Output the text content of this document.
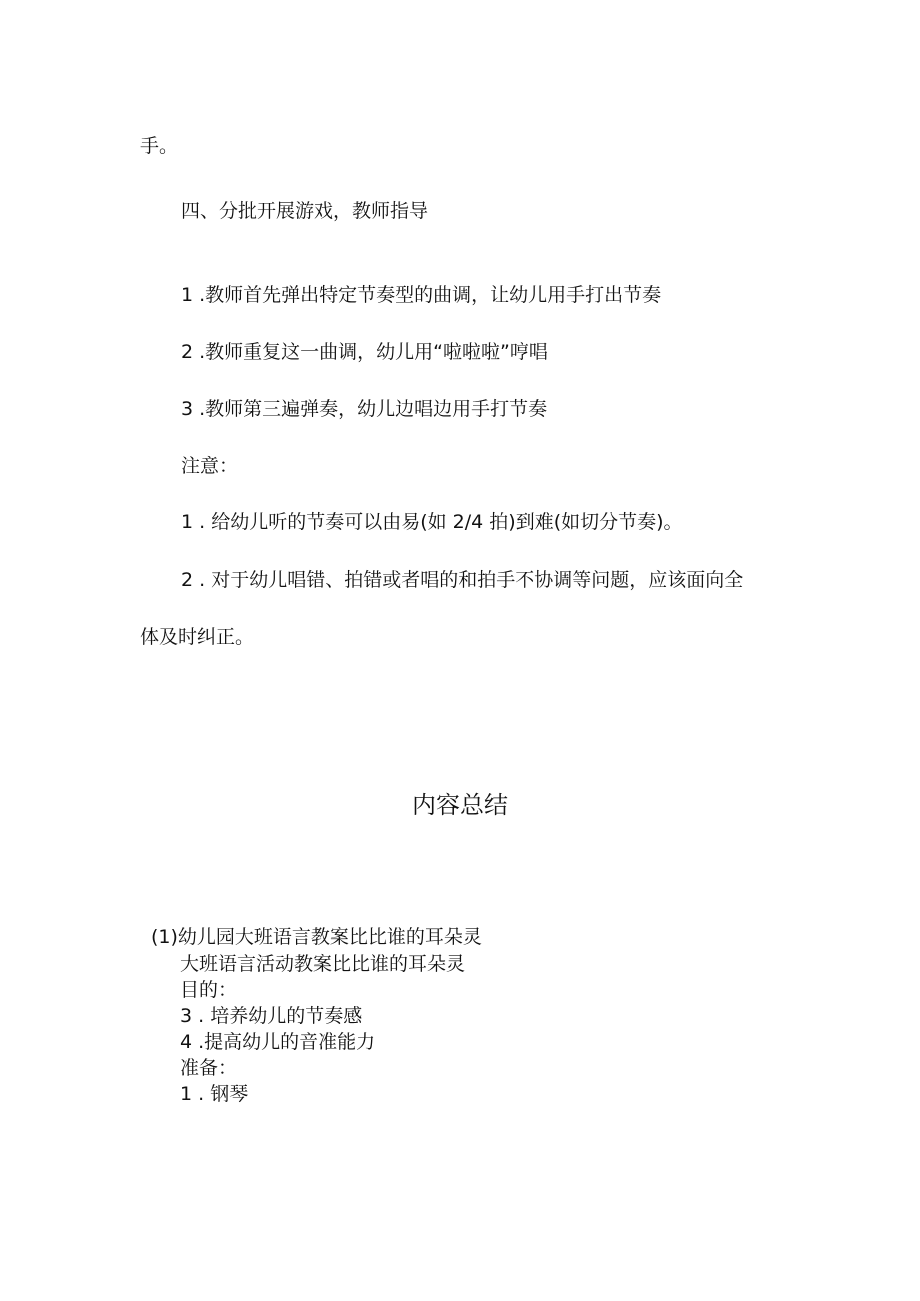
手。
四、分批开展游戏，教师指导
1 .教师首先弹出特定节奏型的曲调，让幼儿用手打出节奏
2 .教师重复这一曲调，幼儿用“啦啦啦”哼唱
3 .教师第三遍弹奏，幼儿边唱边用手打节奏
注意：
1 . 给幼儿听的节奏可以由易(如 2/4 拍)到难(如切分节奏)。
2 . 对于幼儿唱错、拍错或者唱的和拍手不协调等问题，应该面向全
体及时纠正。
内容总结
(1)幼儿园大班语言教案比比谁的耳朵灵
大班语言活动教案比比谁的耳朵灵
目的：
3 . 培养幼儿的节奏感
4 .提高幼儿的音准能力
准备：
1 . 钢琴
